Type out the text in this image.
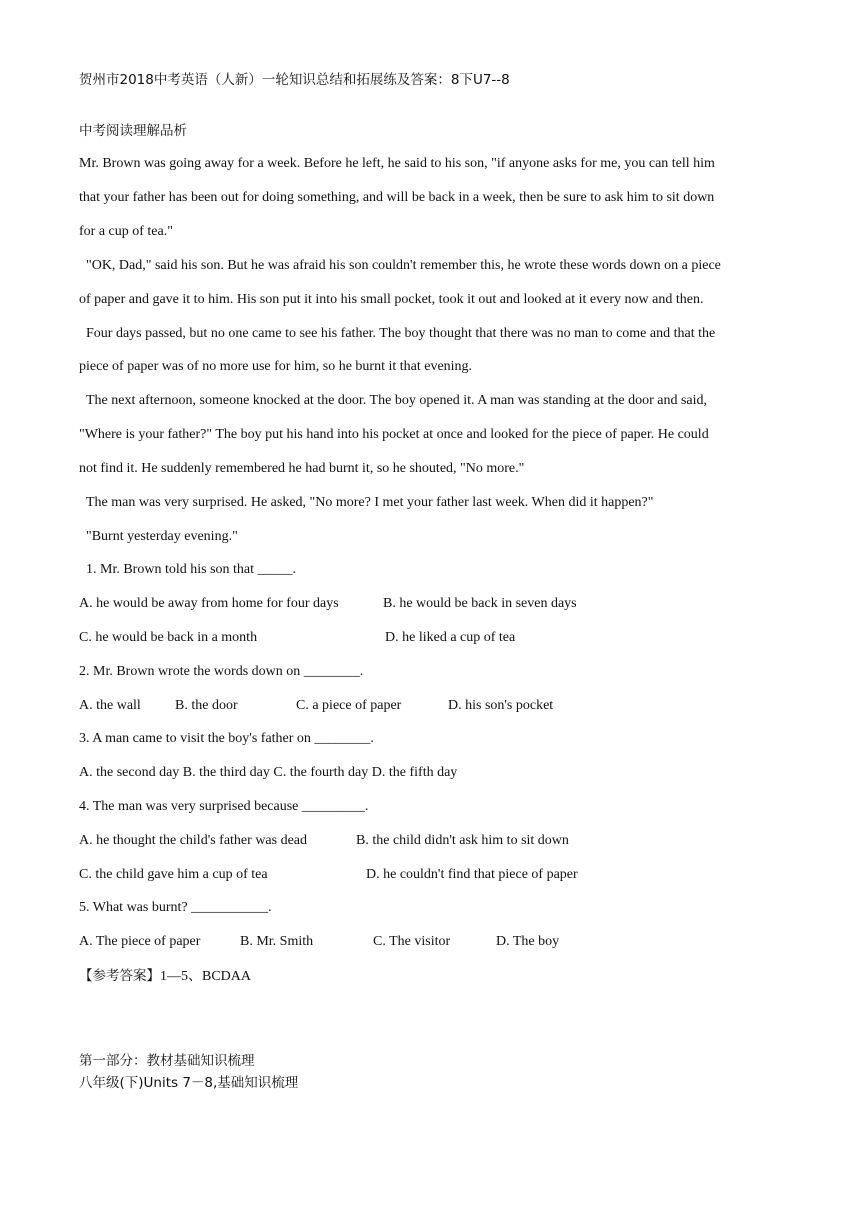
贺州市2018中考英语（人新）一轮知识总结和拓展练及答案：8下U7--8
中考阅读理解品析
Mr. Brown was going away for a week. Before he left, he said to his son, "if anyone asks for me, you can tell him
that your father has been out for doing something, and will be back in a week, then be sure to ask him to sit down
for a cup of tea."
"OK, Dad," said his son. But he was afraid his son couldn't remember this, he wrote these words down on a piece
of paper and gave it to him. His son put it into his small pocket, took it out and looked at it every now and then.
Four days passed, but no one came to see his father. The boy thought that there was no man to come and that the
piece of paper was of no more use for him, so he burnt it that evening.
The next afternoon, someone knocked at the door. The boy opened it. A man was standing at the door and said,
"Where is your father?" The boy put his hand into his pocket at once and looked for the piece of paper. He could
not find it. He suddenly remembered he had burnt it, so he shouted, "No more."
The man was very surprised. He asked, "No more? I met your father last week. When did it happen?"
"Burnt yesterday evening."
1. Mr. Brown told his son that _____.
A. he would be away from home for four days	B. he would be back in seven days
C. he would be back in a month	D. he liked a cup of tea
2. Mr. Brown wrote the words down on ________.
A. the wall B. the door	C. a piece of paper	D. his son's pocket
3. A man came to visit the boy's father on ________.
A. the second day B. the third day C. the fourth day D. the fifth day
4. The man was very surprised because _________.
A. he thought the child's father was dead	B. the child didn't ask him to sit down
C. the child gave him a cup of tea	D. he couldn't find that piece of paper
5. What was burnt? ___________.
A. The piece of paper	B. Mr. Smith	C. The visitor	D. The boy
【参考答案】1—5、BCDAA
第一部分：教材基础知识梳理
八年级(下)Units 7－8,基础知识梳理
